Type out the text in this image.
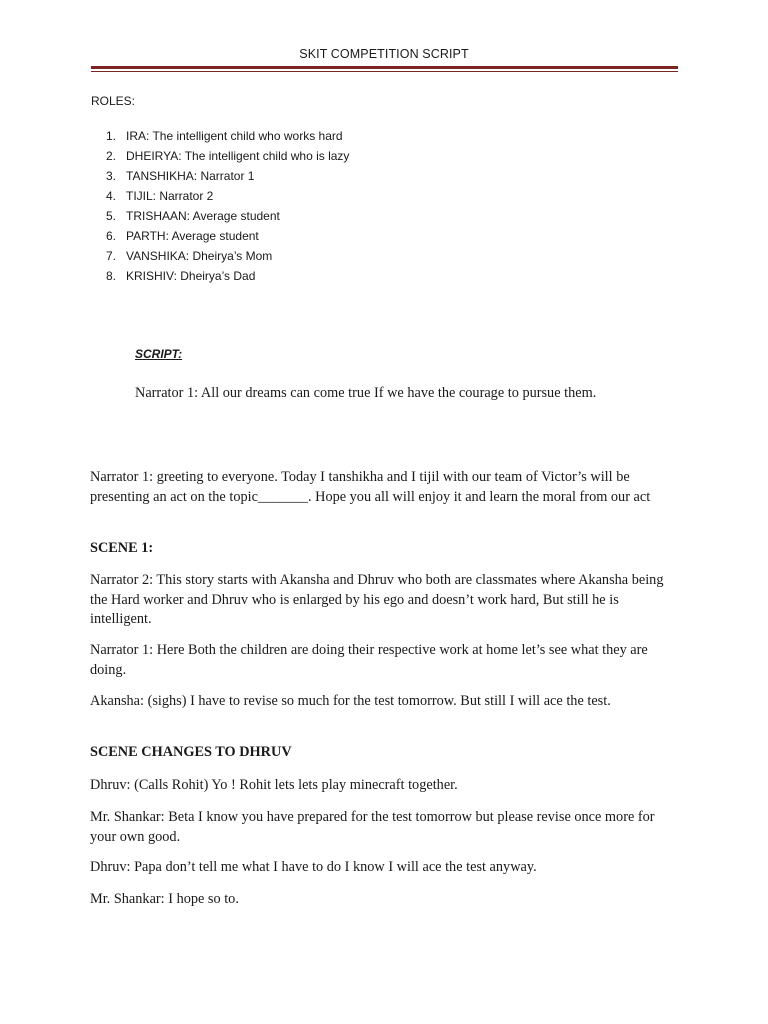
SKIT COMPETITION SCRIPT
ROLES:
1. IRA: The intelligent child who works hard
2. DHEIRYA: The intelligent child who is lazy
3. TANSHIKHA: Narrator 1
4. TIJIL: Narrator 2
5. TRISHAAN: Average student
6. PARTH: Average student
7. VANSHIKA: Dheirya’s Mom
8. KRISHIV: Dheirya’s Dad
SCRIPT:
Narrator 1: All our dreams can come true If we have the courage to pursue them.
Narrator 1: greeting to everyone. Today I tanshikha and I tijil with our team of Victor’s will be presenting an act on the topic_______. Hope you all will enjoy it and learn the moral from our act
SCENE 1:
Narrator 2: This story starts with Akansha and Dhruv who both are classmates where Akansha being the Hard worker and Dhruv who is enlarged by his ego and doesn’t work hard, But still he is intelligent.
Narrator 1: Here Both the children are doing their respective work at home let’s see what they are doing.
Akansha: (sighs) I have to revise so much for the test tomorrow. But still I will ace the test.
SCENE CHANGES TO DHRUV
Dhruv: (Calls Rohit) Yo ! Rohit lets lets play minecraft together.
Mr. Shankar: Beta I know you have prepared for the test tomorrow but please revise once more for your own good.
Dhruv: Papa don’t tell me what I have to do I know I will ace the test anyway.
Mr. Shankar: I hope so to.
